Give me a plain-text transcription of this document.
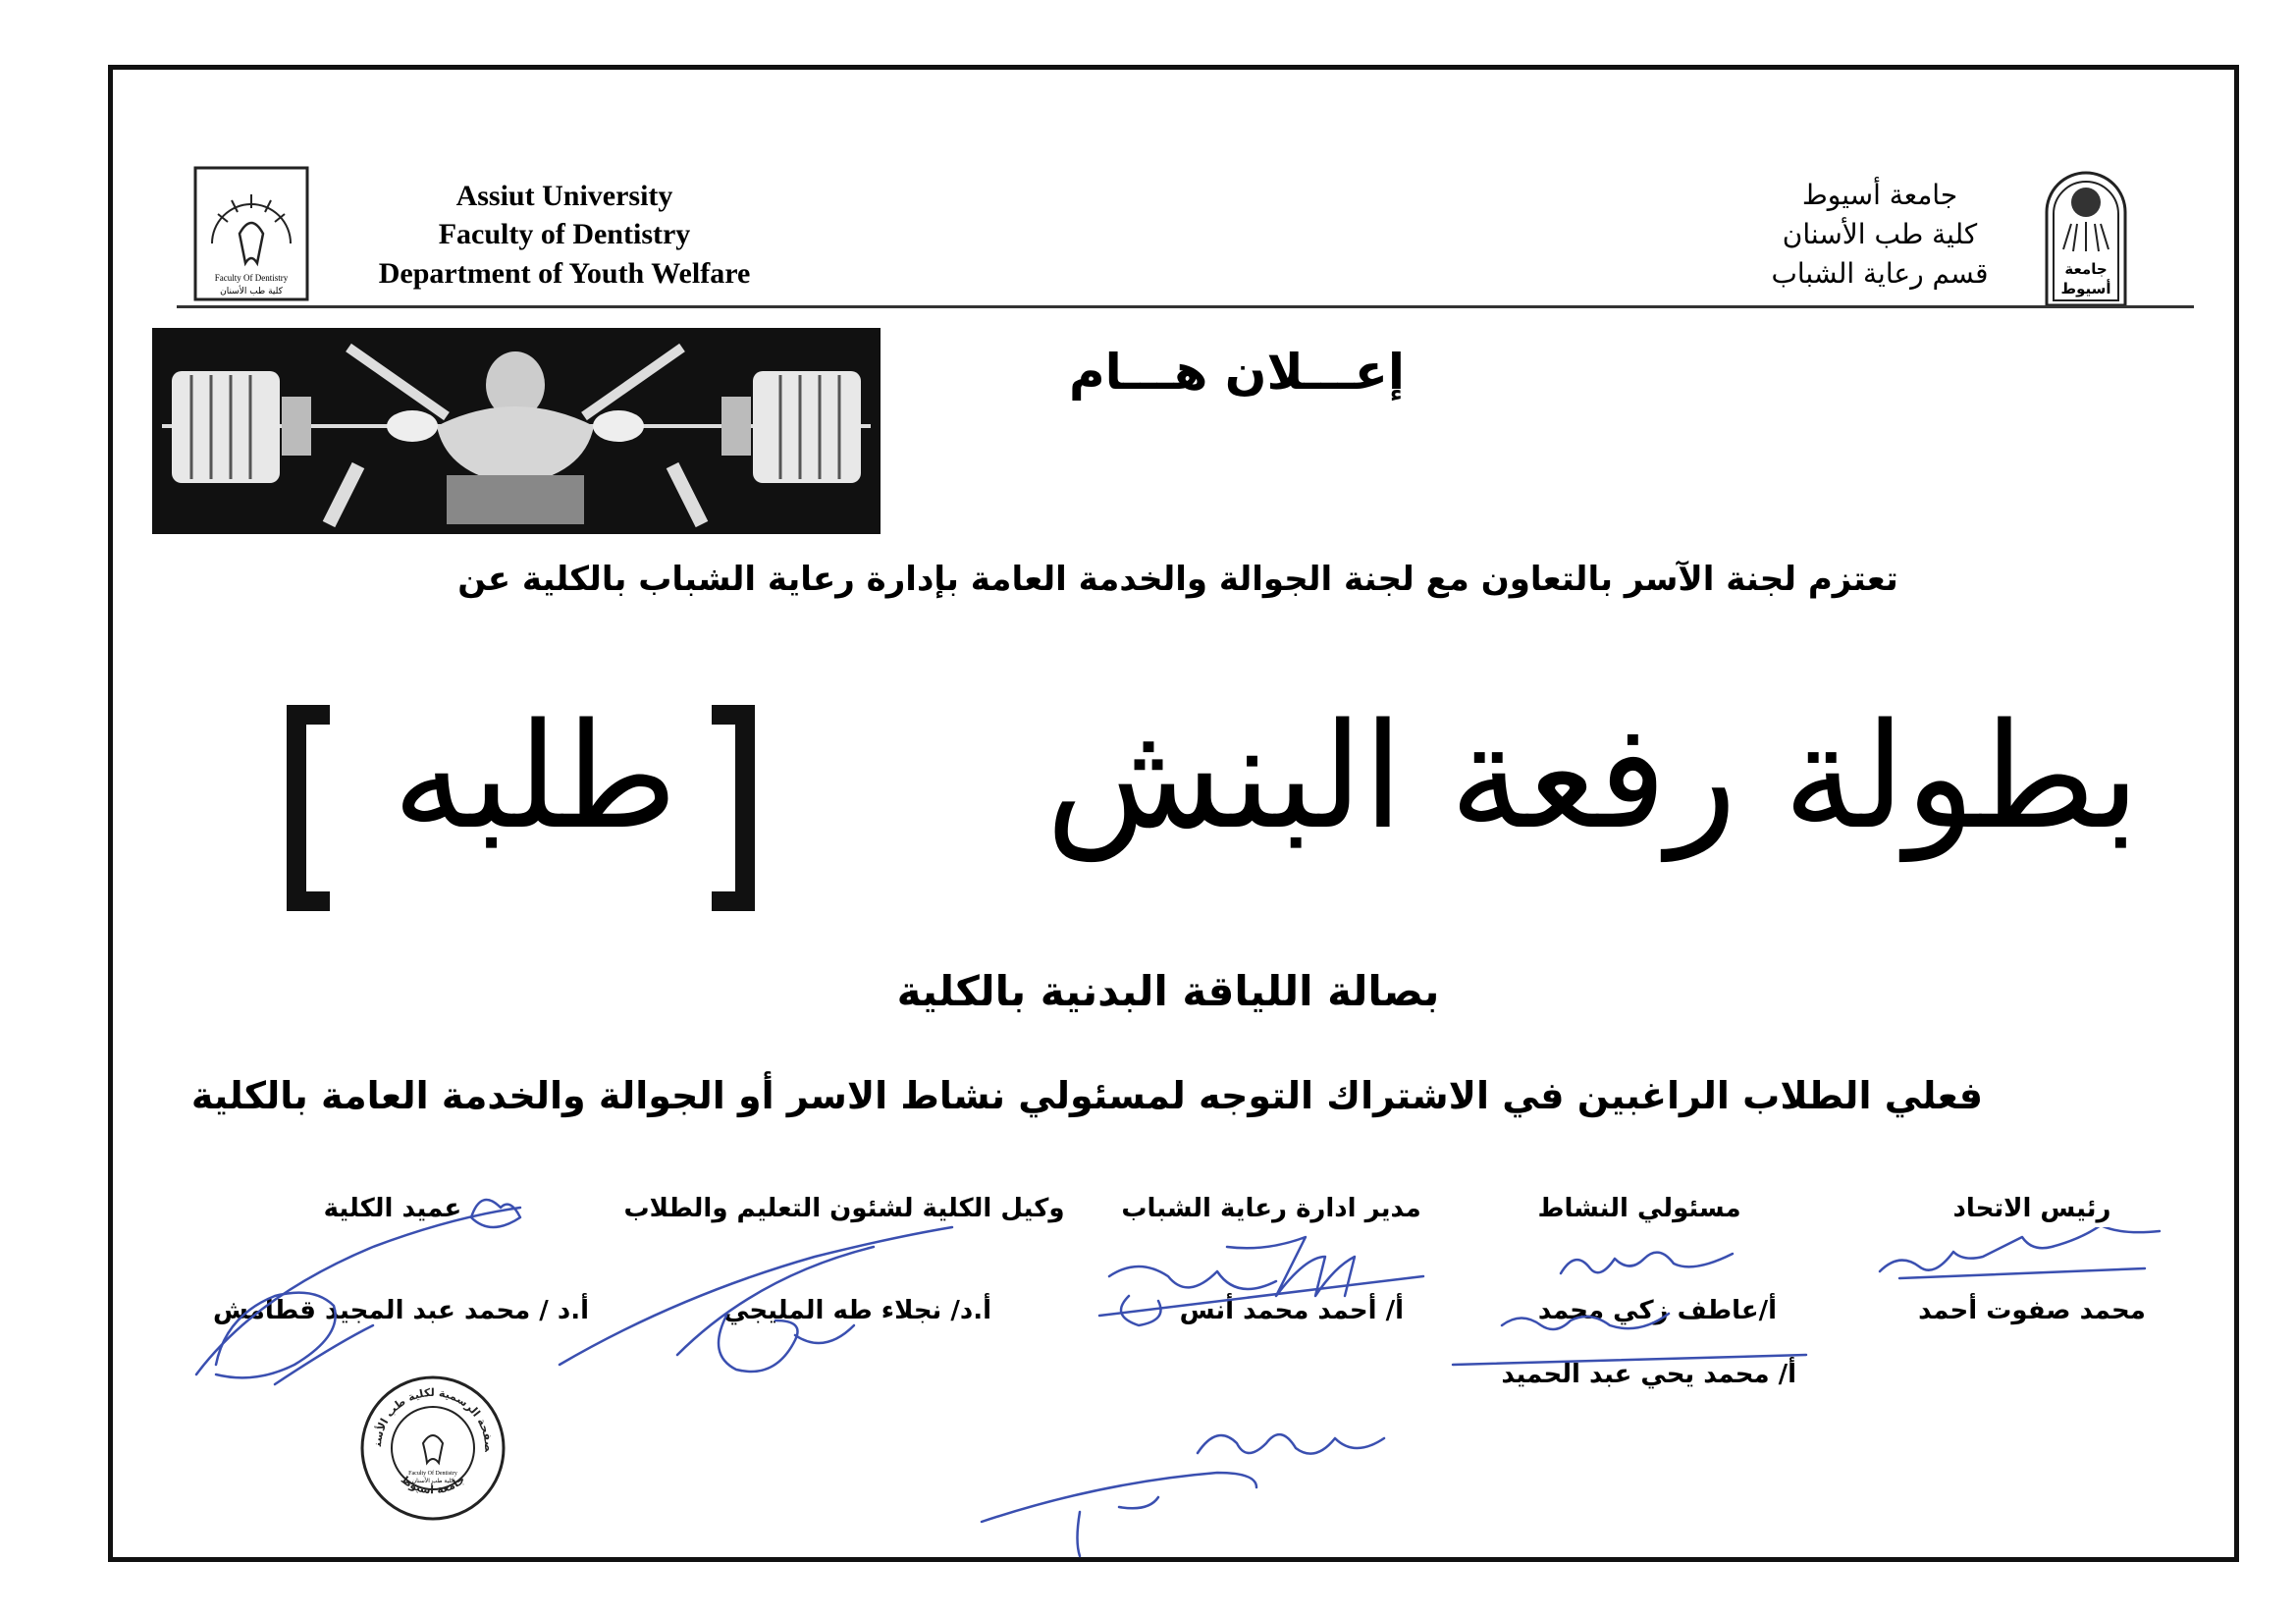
Faculty Of Dentistry
كلية طب الأسنان
Assiut University
Faculty of Dentistry
Department of Youth Welfare
جامعة أسيوط
كلية طب الأسنان
قسم رعاية الشباب	جامعة
أسيوط
إعـــلان هـــام
تعتزم لجنة الآسر بالتعاون مع لجنة الجوالة والخدمة العامة بإدارة رعاية الشباب بالكلية عن
بطولة رفعة البنش
طلبه
بصالة اللياقة البدنية بالكلية
فعلي الطلاب الراغبين في الاشتراك التوجه لمسئولي نشاط الاسر أو الجوالة والخدمة العامة بالكلية
رئيس الاتحاد
مسئولي النشاط
مدير ادارة رعاية الشباب
وكيل الكلية لشئون التعليم والطلاب
عميد الكلية
محمد صفوت أحمد
أ/عاطف زكي محمد
أ/ محمد يحي عبد الحميد
أ/ أحمد محمد أنس
أ.د/ نجلاء طه المليجي
أ.د / محمد عبد المجيد قطامش
صفحة الرسمية لكلية طب الأسنان
جامعة أسيوط
Faculty Of Dentistry
كلية طب الأسنان
